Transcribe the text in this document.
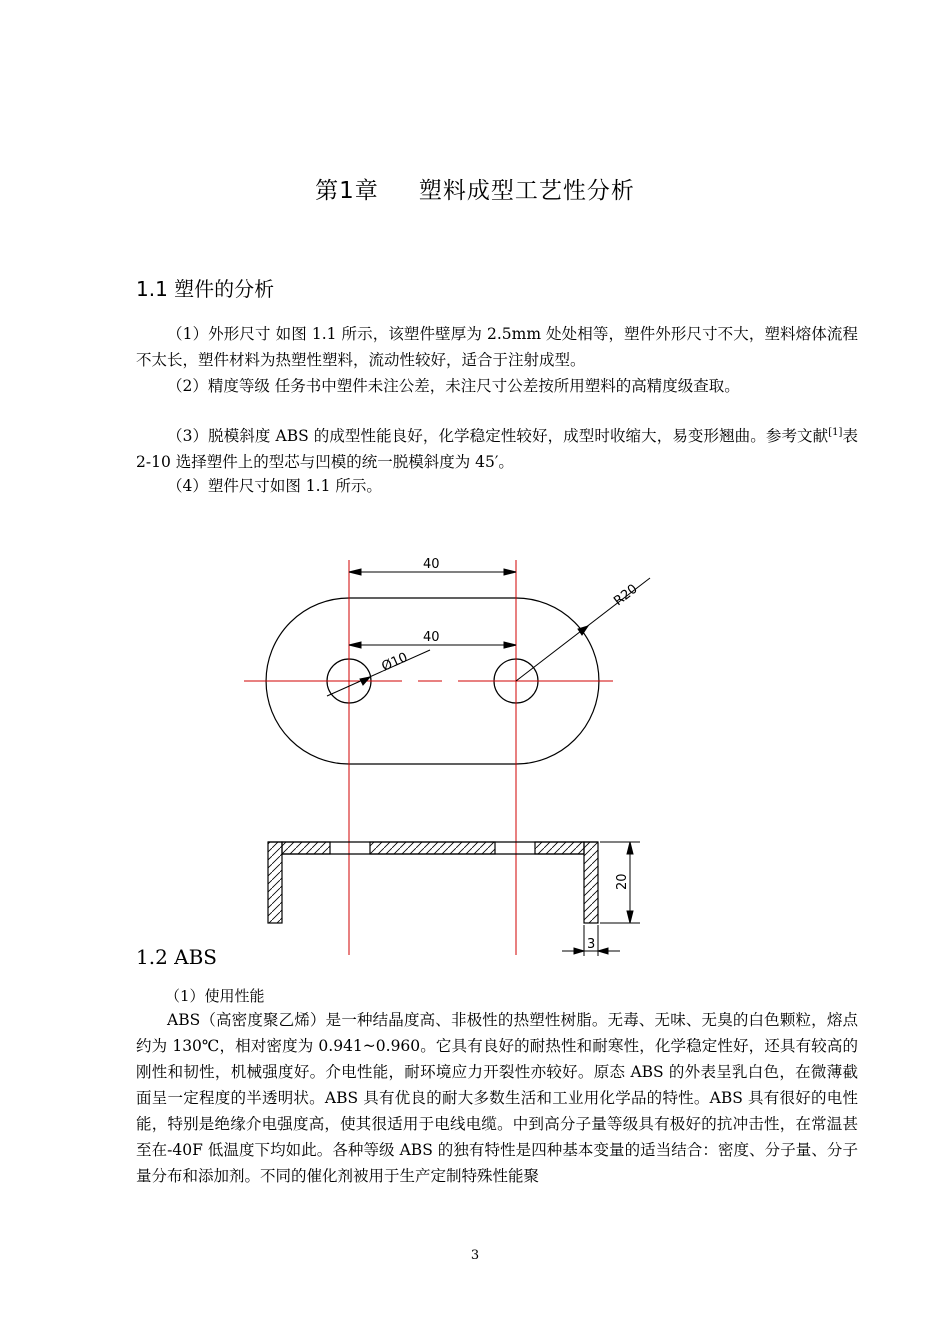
第1章 塑料成型工艺性分析
1.1 塑件的分析

（1）外形尺寸 如图 1.1 所示，该塑件壁厚为 2.5mm 处处相等，塑件外形尺寸不大，塑料熔体流程不太长，塑件材料为热塑性塑料，流动性较好，适合于注射成型。

（2）精度等级 任务书中塑件未注公差，未注尺寸公差按所用塑料的高精度级查取。

（3）脱模斜度 ABS 的成型性能良好，化学稳定性较好，成型时收缩大，易变形翘曲。参考文献[1]表 2-10 选择塑件上的型芯与凹模的统一脱模斜度为 45′。

（4）塑件尺寸如图 1.1 所示。

40
40
R20
Ø10
20
3
1.2 ABS
（1）使用性能

ABS（高密度聚乙烯）是一种结晶度高、非极性的热塑性树脂。无毒、无味、无臭的白色颗粒，熔点约为 130℃，相对密度为 0.941~0.960。它具有良好的耐热性和耐寒性，化学稳定性好，还具有较高的刚性和韧性，机械强度好。介电性能，耐环境应力开裂性亦较好。原态 ABS 的外表呈乳白色，在微薄截面呈一定程度的半透明状。ABS 具有优良的耐大多数生活和工业用化学品的特性。ABS 具有很好的电性能，特别是绝缘介电强度高，使其很适用于电线电缆。中到高分子量等级具有极好的抗冲击性，在常温甚至在-40F 低温度下均如此。各种等级 ABS 的独有特性是四种基本变量的适当结合：密度、分子量、分子量分布和添加剂。不同的催化剂被用于生产定制特殊性能聚

3
